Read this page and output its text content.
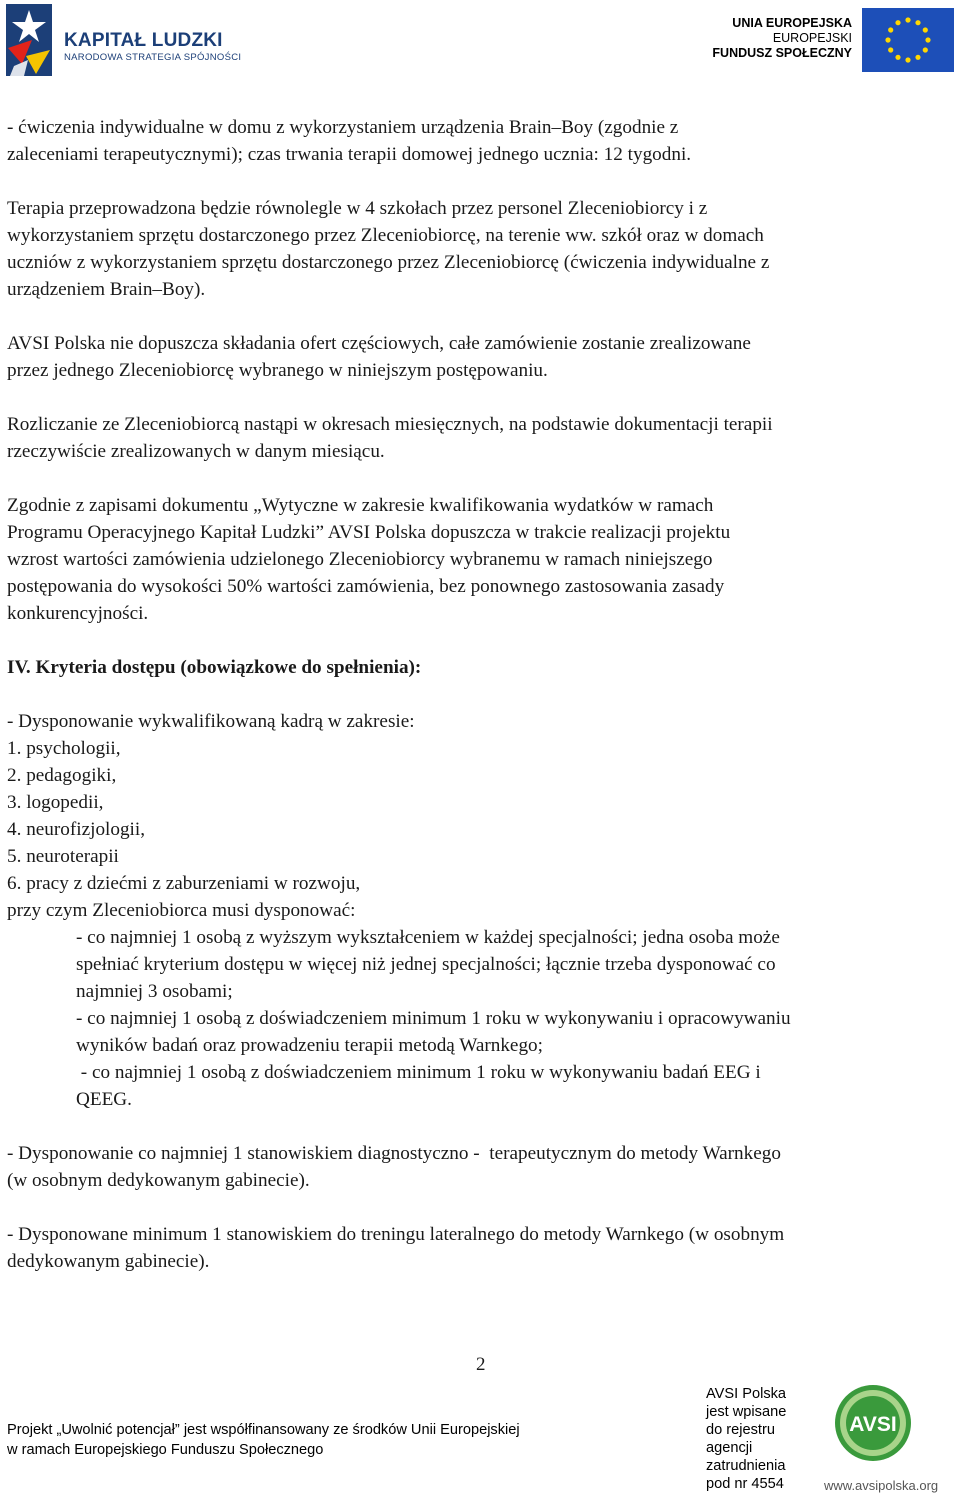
KAPITAŁ LUDZKI
NARODOWA STRATEGIA SPÓJNOŚCI
UNIA EUROPEJSKA
EUROPEJSKI
FUNDUSZ SPOŁECZNY

- ćwiczenia indywidualne w domu z wykorzystaniem urządzenia Brain–Boy (zgodnie z
zaleceniami terapeutycznymi); czas trwania terapii domowej jednego ucznia: 12 tygodni.

Terapia przeprowadzona będzie równolegle w 4 szkołach przez personel Zleceniobiorcy i z
wykorzystaniem sprzętu dostarczonego przez Zleceniobiorcę, na terenie ww. szkół oraz w domach
uczniów z wykorzystaniem sprzętu dostarczonego przez Zleceniobiorcę (ćwiczenia indywidualne z
urządzeniem Brain–Boy).

AVSI Polska nie dopuszcza składania ofert częściowych, całe zamówienie zostanie zrealizowane
przez jednego Zleceniobiorcę wybranego w niniejszym postępowaniu.

Rozliczanie ze Zleceniobiorcą nastąpi w okresach miesięcznych, na podstawie dokumentacji terapii
rzeczywiście zrealizowanych w danym miesiącu.

Zgodnie z zapisami dokumentu „Wytyczne w zakresie kwalifikowania wydatków w ramach
Programu Operacyjnego Kapitał Ludzki” AVSI Polska dopuszcza w trakcie realizacji projektu
wzrost wartości zamówienia udzielonego Zleceniobiorcy wybranemu w ramach niniejszego
postępowania do wysokości 50% wartości zamówienia, bez ponownego zastosowania zasady
konkurencyjności.

IV. Kryteria dostępu (obowiązkowe do spełnienia):

- Dysponowanie wykwalifikowaną kadrą w zakresie:
1. psychologii,
2. pedagogiki,
3. logopedii,
4. neurofizjologii,
5. neuroterapii
6. pracy z dziećmi z zaburzeniami w rozwoju,
przy czym Zleceniobiorca musi dysponować:

- co najmniej 1 osobą z wyższym wykształceniem w każdej specjalności; jedna osoba może
spełniać kryterium dostępu w więcej niż jednej specjalności; łącznie trzeba dysponować co
najmniej 3 osobami;

- co najmniej 1 osobą z doświadczeniem minimum 1 roku w wykonywaniu i opracowywaniu
wyników badań oraz prowadzeniu terapii metodą Warnkego;

- co najmniej 1 osobą z doświadczeniem minimum 1 roku w wykonywaniu badań EEG i
QEEG.

- Dysponowanie co najmniej 1 stanowiskiem diagnostyczno -  terapeutycznym do metody Warnkego
(w osobnym dedykowanym gabinecie).

- Dysponowane minimum 1 stanowiskiem do treningu lateralnego do metody Warnkego (w osobnym
dedykowanym gabinecie).

2
Projekt „Uwolnić potencjał” jest współfinansowany ze środków Unii Europejskiej
w ramach Europejskiego Funduszu Społecznego
AVSI Polska
jest wpisane
do rejestru
agencji
zatrudnienia
pod nr 4554
AVSI
www.avsipolska.org
